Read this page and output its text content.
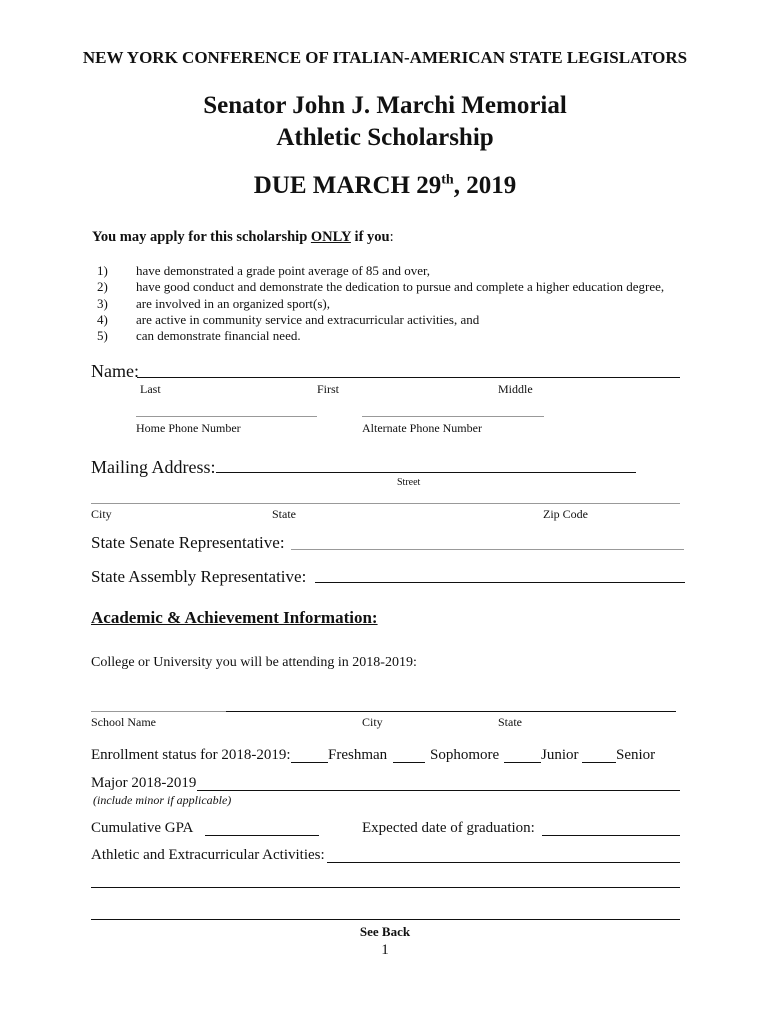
NEW YORK CONFERENCE OF ITALIAN-AMERICAN STATE LEGISLATORS
Senator John J. Marchi Memorial
Athletic Scholarship
DUE MARCH 29th, 2019
You may apply for this scholarship ONLY if you:
1) have demonstrated a grade point average of 85 and over,
2) have good conduct and demonstrate the dedication to pursue and complete a higher education degree,
3) are involved in an organized sport(s),
4) are active in community service and extracurricular activities, and
5) can demonstrate financial need.
Name:
Last	First	Middle
Home Phone Number	Alternate Phone Number
Mailing Address:
Street
City	State	Zip Code
State Senate Representative:
State Assembly Representative:
Academic & Achievement Information:
College or University you will be attending in 2018-2019:
School Name	City	State
Enrollment status for 2018-2019: Freshman	Sophomore	Junior	Senior
Major 2018-2019
(include minor if applicable)
Cumulative GPA	Expected date of graduation:
Athletic and Extracurricular Activities:
See Back
1
